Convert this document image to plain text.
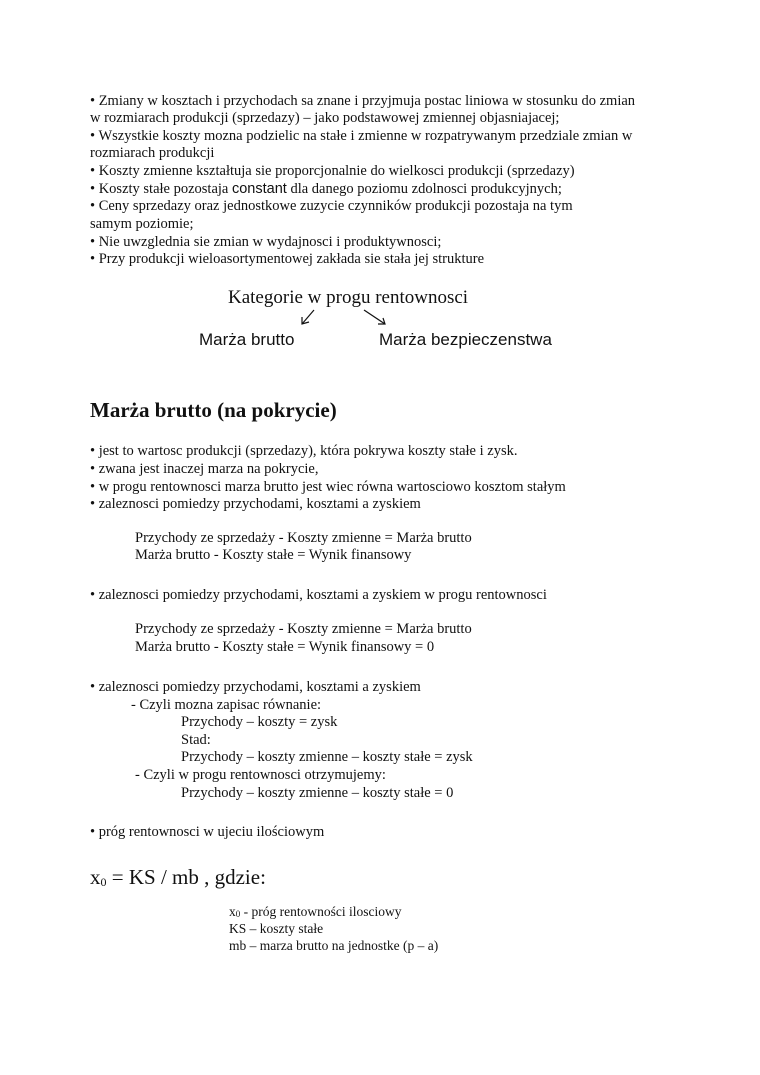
• Zmiany w kosztach i przychodach sa znane i przyjmuja postac liniowa w stosunku do zmian
w rozmiarach produkcji (sprzedazy) – jako podstawowej zmiennej objasniajacej;
• Wszystkie koszty mozna podzielic na stałe i zmienne w rozpatrywanym przedziale zmian w
rozmiarach produkcji
• Koszty zmienne kształtuja sie proporcjonalnie do wielkosci produkcji (sprzedazy)
• Koszty stałe pozostaja constant dla danego poziomu zdolnosci produkcyjnych;
• Ceny sprzedazy oraz jednostkowe zuzycie czynników produkcji pozostaja na tym
samym poziomie;
• Nie uwzglednia sie zmian w wydajnosci i produktywnosci;
• Przy produkcji wieloasortymentowej zakłada sie stała jej strukture
Kategorie w progu rentownosci
Marża brutto	Marża bezpieczenstwa
Marża brutto (na pokrycie)
• jest to wartosc produkcji (sprzedazy), która pokrywa koszty stałe i zysk.
• zwana jest inaczej marza na pokrycie,
• w progu rentownosci marza brutto jest wiec równa wartosciowo kosztom stałym
• zaleznosci pomiedzy przychodami, kosztami a zyskiem
Przychody ze sprzedaży - Koszty zmienne = Marża brutto
Marża brutto - Koszty stałe = Wynik finansowy
• zaleznosci pomiedzy przychodami, kosztami a zyskiem w progu rentownosci
Przychody ze sprzedaży - Koszty zmienne = Marża brutto
Marża brutto - Koszty stałe = Wynik finansowy = 0
• zaleznosci pomiedzy przychodami, kosztami a zyskiem
- Czyli mozna zapisac równanie:
Przychody – koszty = zysk
Stad:
Przychody – koszty zmienne – koszty stałe = zysk
- Czyli w progu rentownosci otrzymujemy:
Przychody – koszty zmienne – koszty stałe = 0
• próg rentownosci w ujeciu ilościowym
$x_0$ = KS / mb , gdzie:
$x_0$ - próg rentowności ilosciowy
KS – koszty stałe
mb – marza brutto na jednostke (p – a)
